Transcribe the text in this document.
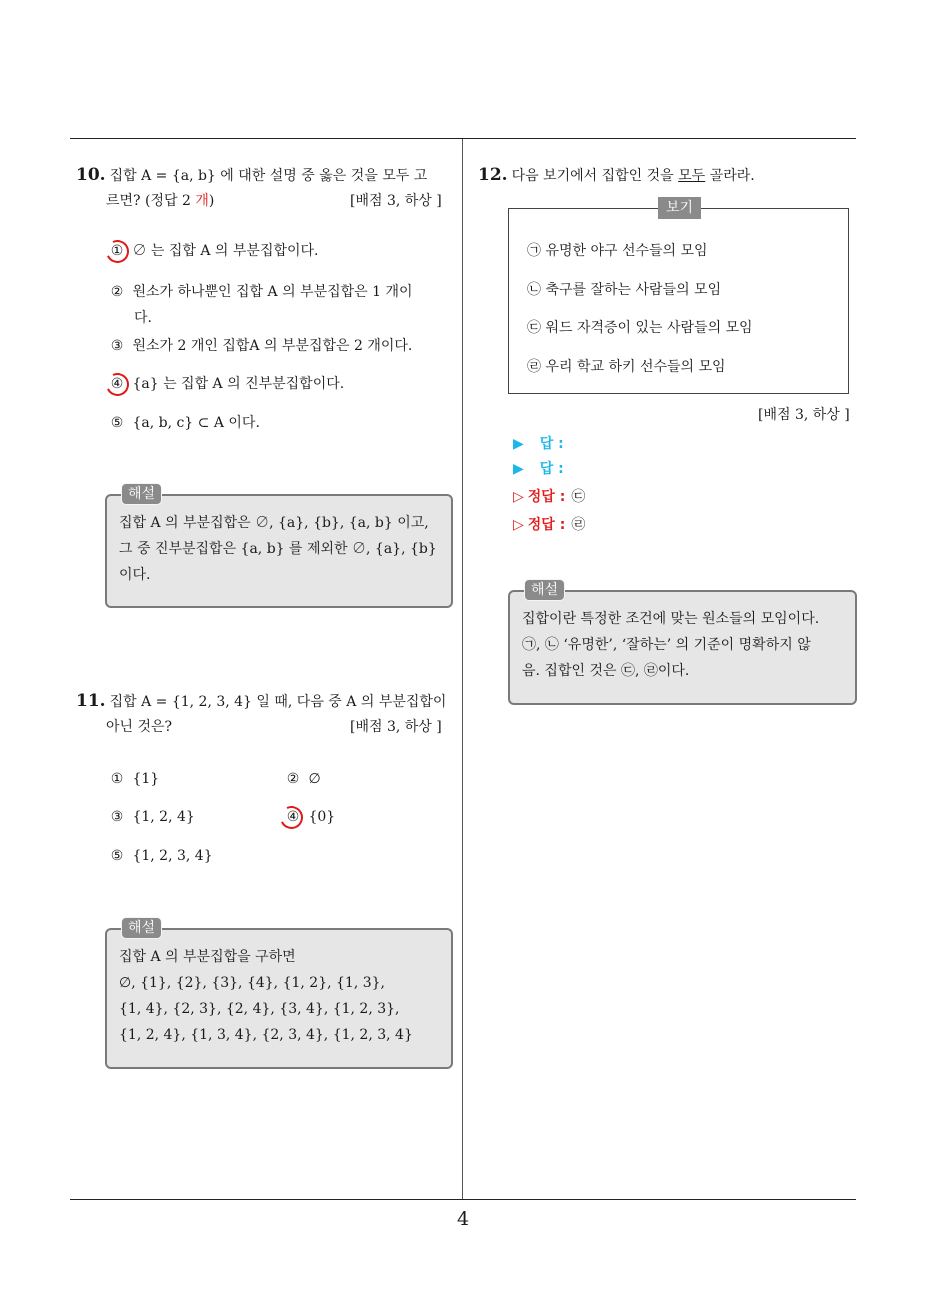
10. 집합 A = {a, b} 에 대한 설명 중 옳은 것을 모두 고
르면? (정답 2 개)	[배점 3, 하상 ]
① ∅ 는 집합 A 의 부분집합이다.
② 원소가 하나뿐인 집합 A 의 부분집합은 1 개이
다.
③ 원소가 2 개인 집합A 의 부분집합은 2 개이다.
④ {a} 는 집합 A 의 진부분집합이다.
⑤ {a, b, c} ⊂ A 이다.
해설
집합 A 의 부분집합은 ∅, {a}, {b}, {a, b} 이고,
그 중 진부분집합은 {a, b} 를 제외한 ∅, {a}, {b}
이다.
11. 집합 A = {1, 2, 3, 4} 일 때, 다음 중 A 의 부분집합이
아닌 것은?	[배점 3, 하상 ]
① {1}	② ∅
③ {1, 2, 4}	④ {0}
⑤ {1, 2, 3, 4}
해설
집합 A 의 부분집합을 구하면
∅, {1}, {2}, {3}, {4}, {1, 2}, {1, 3},
{1, 4}, {2, 3}, {2, 4}, {3, 4}, {1, 2, 3},
{1, 2, 4}, {1, 3, 4}, {2, 3, 4}, {1, 2, 3, 4}
12. 다음 보기에서 집합인 것을 모두 골라라.
보기
㉠ 유명한 야구 선수들의 모임
㉡ 축구를 잘하는 사람들의 모임
㉢ 워드 자격증이 있는 사람들의 모임
㉣ 우리 학교 하키 선수들의 모임
[배점 3, 하상 ]
▶ 답 :
▶ 답 :
▷ 정답 : ㉢
▷ 정답 : ㉣
해설
집합이란 특정한 조건에 맞는 원소들의 모임이다.
㉠, ㉡ ‘유명한’, ‘잘하는’ 의 기준이 명확하지 않
음. 집합인 것은 ㉢, ㉣이다.
4
